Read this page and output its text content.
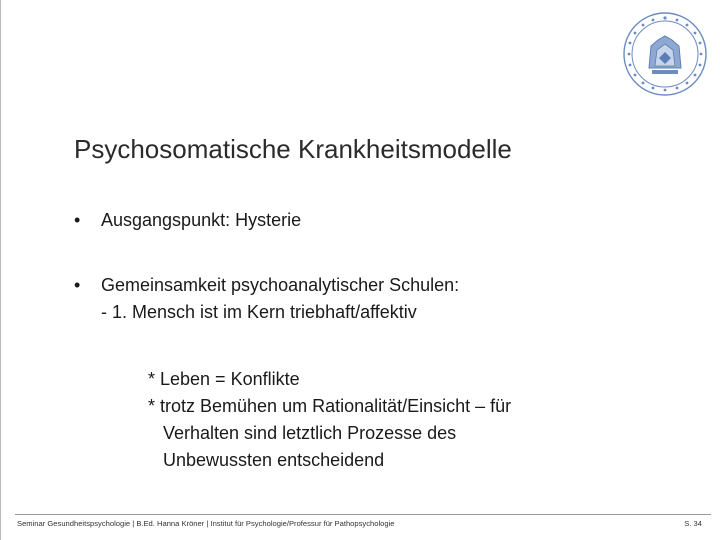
Psychosomatische Krankheitsmodelle
•	Ausgangspunkt: Hysterie
•	Gemeinsamkeit psychoanalytischer Schulen:
- 1. Mensch ist im Kern triebhaft/affektiv
* Leben = Konflikte
* trotz Bemühen um Rationalität/Einsicht – für
Verhalten sind letztlich Prozesse des
Unbewussten entscheidend
Seminar Gesundheitspsychologie | B.Ed. Hanna Kröner | Institut für Psychologie/Professur für Pathopsychologie	S. 34
